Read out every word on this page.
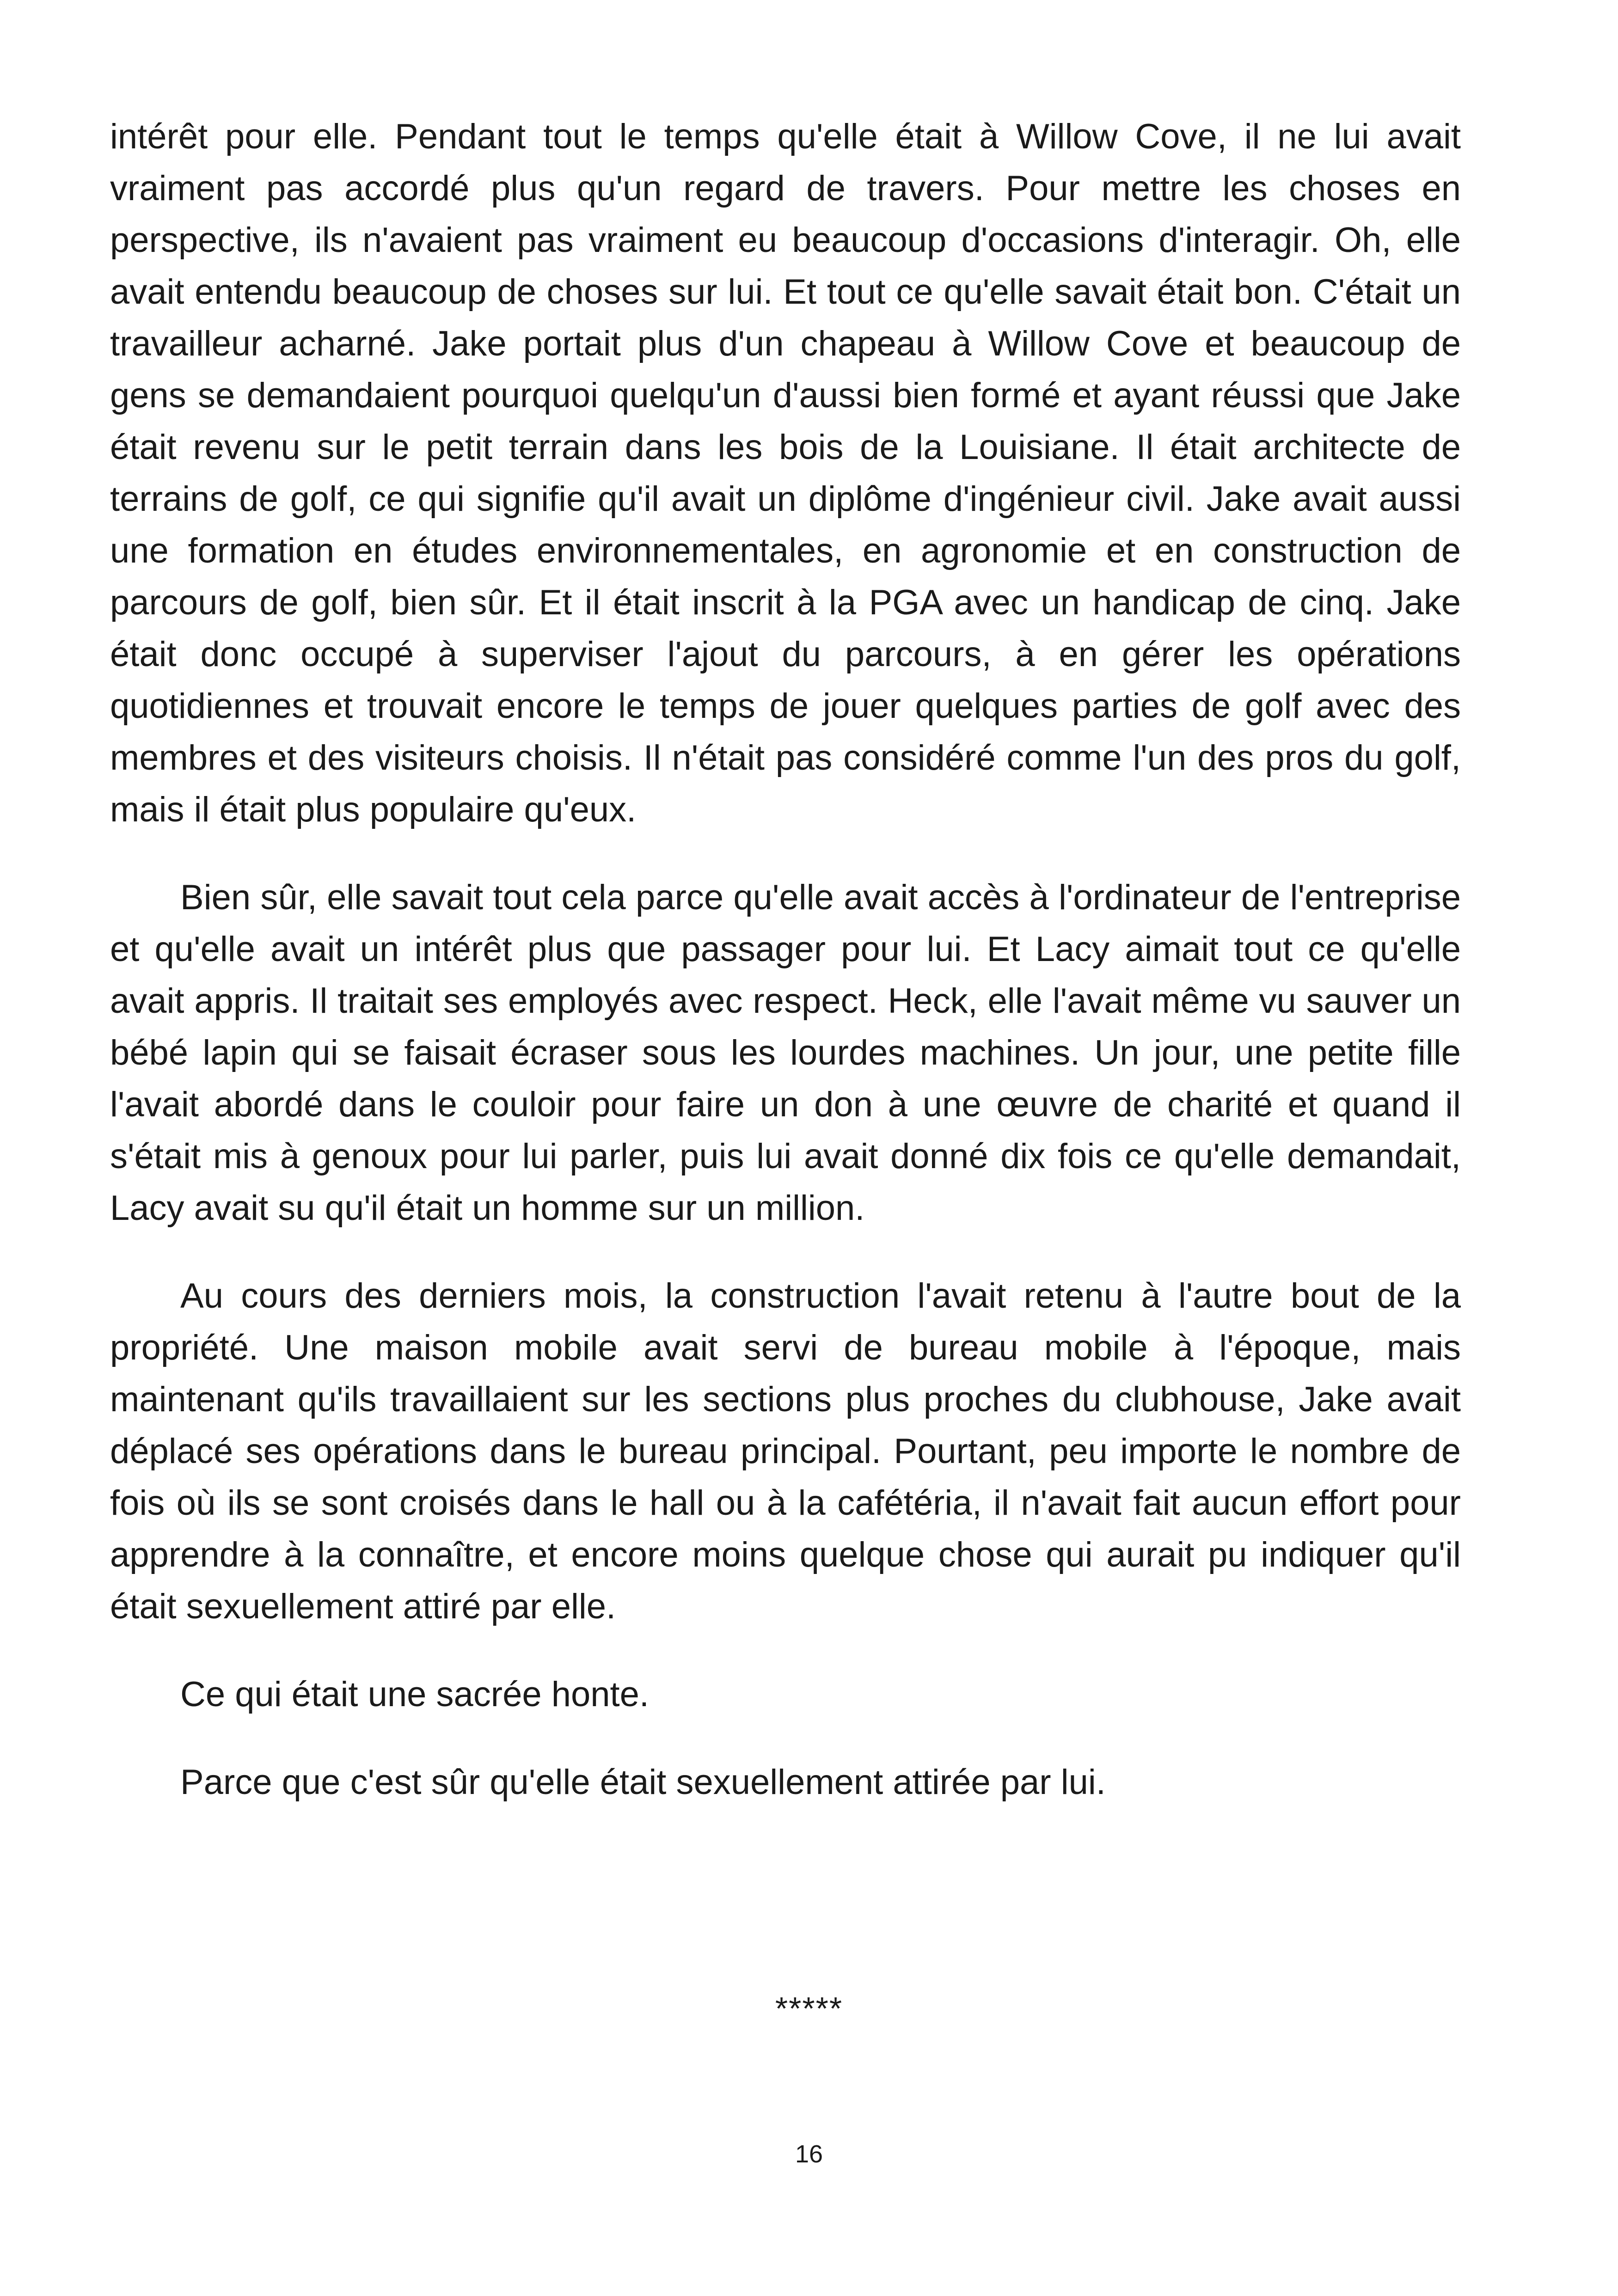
intérêt pour elle. Pendant tout le temps qu'elle était à Willow Cove, il ne lui avait vraiment pas accordé plus qu'un regard de travers. Pour mettre les choses en perspective, ils n'avaient pas vraiment eu beaucoup d'occasions d'interagir. Oh, elle avait entendu beaucoup de choses sur lui. Et tout ce qu'elle savait était bon. C'était un travailleur acharné. Jake portait plus d'un chapeau à Willow Cove et beaucoup de gens se demandaient pourquoi quelqu'un d'aussi bien formé et ayant réussi que Jake était revenu sur le petit terrain dans les bois de la Louisiane. Il était architecte de terrains de golf, ce qui signifie qu'il avait un diplôme d'ingénieur civil. Jake avait aussi une formation en études environnementales, en agronomie et en construction de parcours de golf, bien sûr. Et il était inscrit à la PGA avec un handicap de cinq. Jake était donc occupé à superviser l'ajout du parcours, à en gérer les opérations quotidiennes et trouvait encore le temps de jouer quelques parties de golf avec des membres et des visiteurs choisis. Il n'était pas considéré comme l'un des pros du golf, mais il était plus populaire qu'eux.

Bien sûr, elle savait tout cela parce qu'elle avait accès à l'ordinateur de l'entreprise et qu'elle avait un intérêt plus que passager pour lui. Et Lacy aimait tout ce qu'elle avait appris. Il traitait ses employés avec respect. Heck, elle l'avait même vu sauver un bébé lapin qui se faisait écraser sous les lourdes machines. Un jour, une petite fille l'avait abordé dans le couloir pour faire un don à une œuvre de charité et quand il s'était mis à genoux pour lui parler, puis lui avait donné dix fois ce qu'elle demandait, Lacy avait su qu'il était un homme sur un million.

Au cours des derniers mois, la construction l'avait retenu à l'autre bout de la propriété. Une maison mobile avait servi de bureau mobile à l'époque, mais maintenant qu'ils travaillaient sur les sections plus proches du clubhouse, Jake avait déplacé ses opérations dans le bureau principal. Pourtant, peu importe le nombre de fois où ils se sont croisés dans le hall ou à la cafétéria, il n'avait fait aucun effort pour apprendre à la connaître, et encore moins quelque chose qui aurait pu indiquer qu'il était sexuellement attiré par elle.

Ce qui était une sacrée honte.

Parce que c'est sûr qu'elle était sexuellement attirée par lui.

*****
16
